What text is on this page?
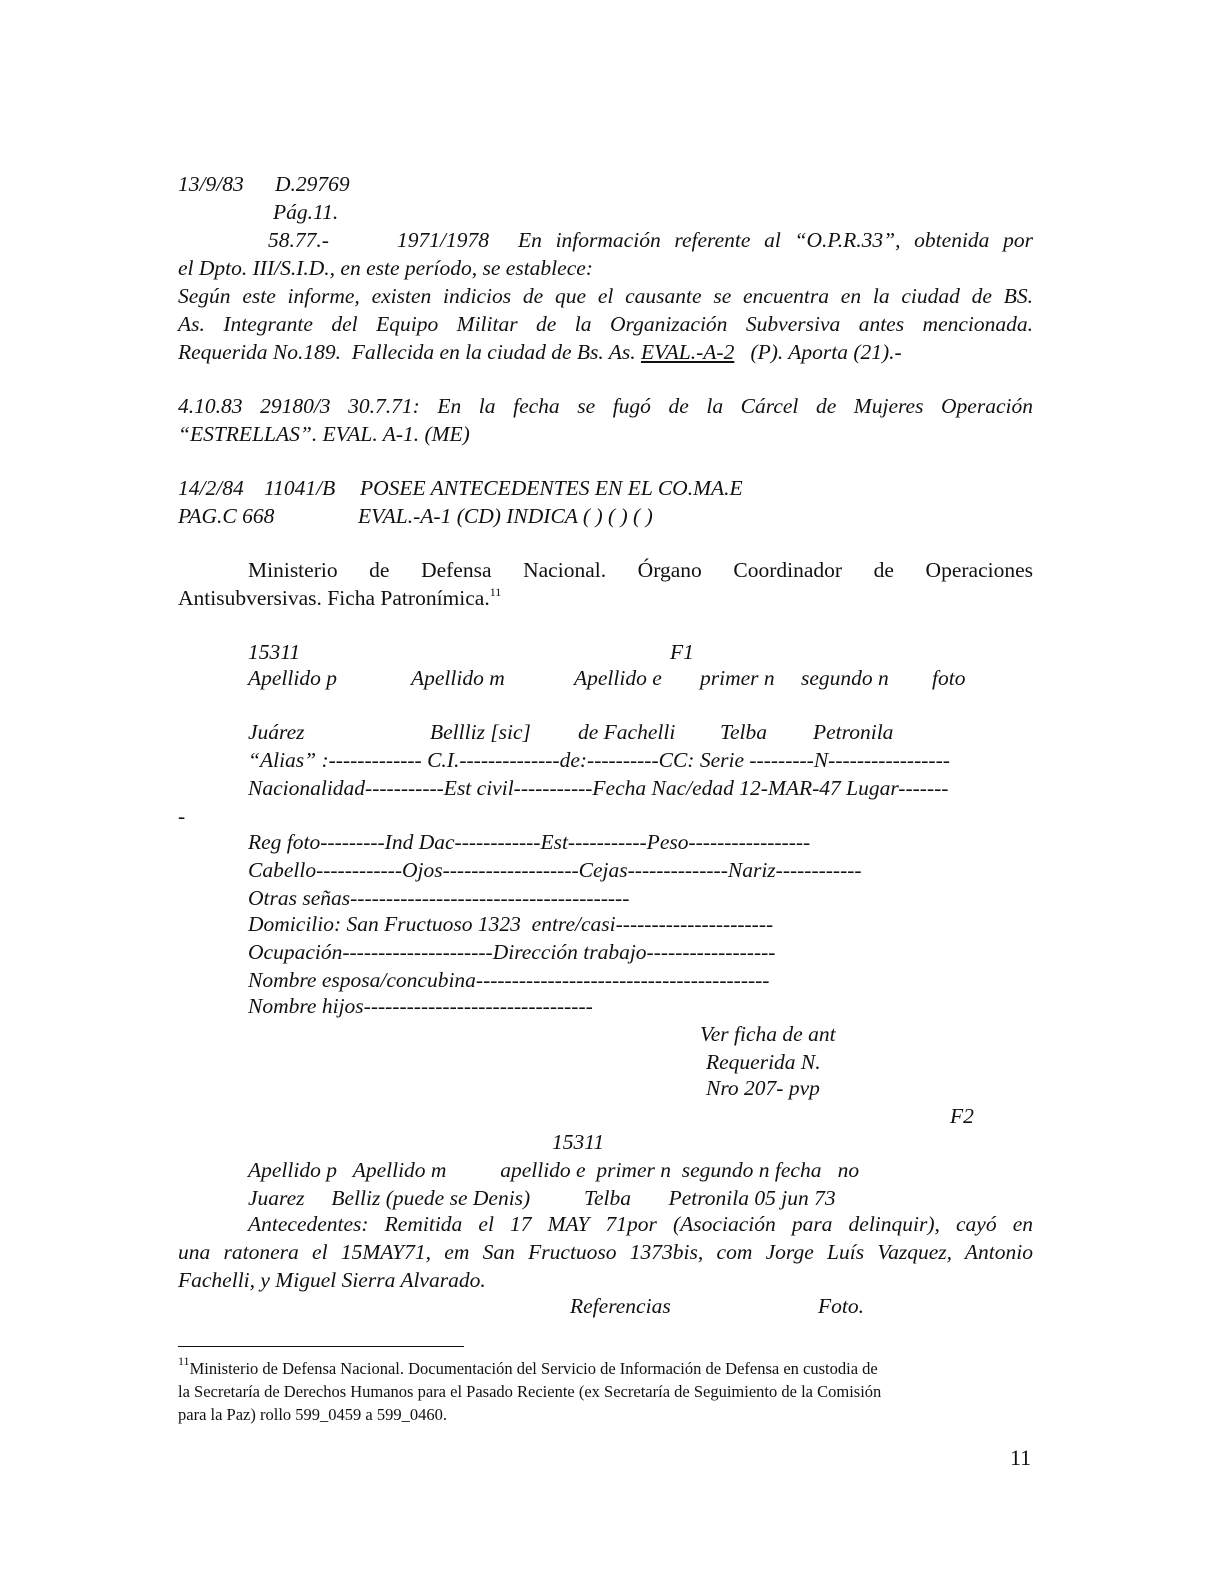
13/9/83 D.29769
Pág.11.
58.77.-	1971/1978 En información referente al “O.P.R.33”, obtenida por
el Dpto. III/S.I.D., en este período, se establece:
Según este informe, existen indicios de que el causante se encuentra en la ciudad de BS.
As. Integrante del Equipo Militar de la Organización Subversiva antes mencionada.
Requerida No.189.  Fallecida en la ciudad de Bs. As. EVAL.-A-2   (P). Aporta (21).-
4.10.83 29180/3 30.7.71: En la fecha se fugó de la Cárcel de Mujeres Operación
“ESTRELLAS”. EVAL. A-1. (ME)
14/2/84 11041/B POSEE ANTECEDENTES EN EL CO.MA.E
PAG.C 668	EVAL.-A-1 (CD) INDICA ( ) ( ) ( )
Ministerio de Defensa Nacional. Órgano Coordinador de Operaciones
Antisubversivas. Ficha Patronímica.$^{11}$
15311	F1
Apellido p	Apellido m	Apellido e primer n segundo n foto
Juárez	Bellliz [sic] de Fachelli Telba Petronila
“Alias” :------------- C.I.--------------de:----------CC: Serie ---------N-----------------
Nacionalidad-----------Est civil-----------Fecha Nac/edad 12-MAR-47 Lugar-------
-
Reg foto---------Ind Dac------------Est-----------Peso-----------------
Cabello------------Ojos-------------------Cejas--------------Nariz------------
Otras señas---------------------------------------
Domicilio: San Fructuoso 1323  entre/casi----------------------
Ocupación---------------------Dirección trabajo------------------
Nombre esposa/concubina-----------------------------------------
Nombre hijos--------------------------------
Ver ficha de ant
Requerida N.
Nro 207- pvp
F2
15311
Apellido p   Apellido m          apellido e  primer n  segundo n fecha   no
Juarez     Belliz (puede se Denis)          Telba       Petronila 05 jun 73
Antecedentes: Remitida el 17 MAY 71por (Asociación para delinquir), cayó en
una ratonera el 15MAY71, em San Fructuoso 1373bis, com Jorge Luís Vazquez, Antonio
Fachelli, y Miguel Sierra Alvarado.
Referencias	Foto.
$^{11}$Ministerio de Defensa Nacional. Documentación del Servicio de Información de Defensa en custodia de
la Secretaría de Derechos Humanos para el Pasado Reciente (ex Secretaría de Seguimiento de la Comisión
para la Paz) rollo 599_0459 a 599_0460.
11
